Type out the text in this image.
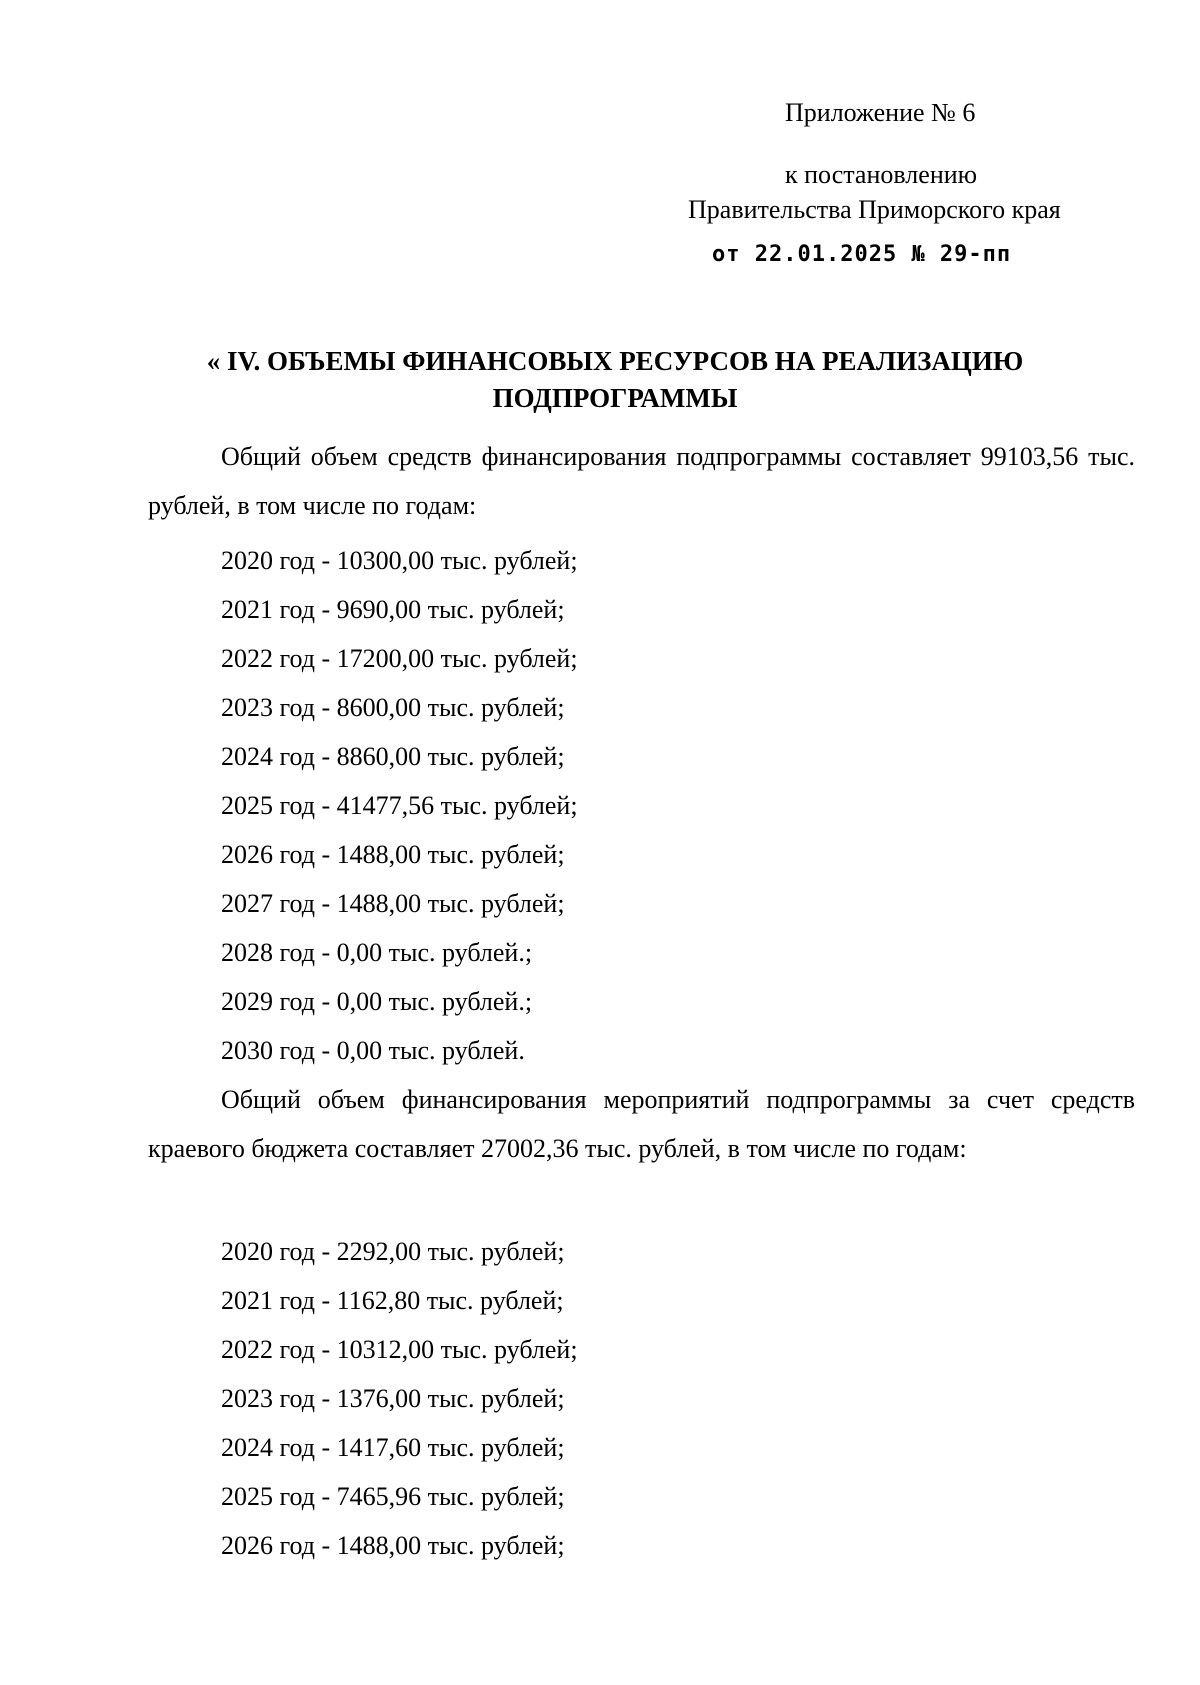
Приложение № 6
к постановлению
Правительства Приморского края
от 22.01.2025 № 29-пп
« IV. ОБЪЕМЫ ФИНАНСОВЫХ РЕСУРСОВ НА РЕАЛИЗАЦИЮ
ПОДПРОГРАММЫ
Общий объем средств финансирования подпрограммы составляет 99103,56 тыс. рублей, в том числе по годам:
2020 год - 10300,00 тыс. рублей;
2021 год - 9690,00 тыс. рублей;
2022 год - 17200,00 тыс. рублей;
2023 год - 8600,00 тыс. рублей;
2024 год - 8860,00 тыс. рублей;
2025 год - 41477,56 тыс. рублей;
2026 год - 1488,00 тыс. рублей;
2027 год - 1488,00 тыс. рублей;
2028 год - 0,00 тыс. рублей.;
2029 год - 0,00 тыс. рублей.;
2030 год - 0,00 тыс. рублей.
Общий объем финансирования мероприятий подпрограммы за счет средств краевого бюджета составляет 27002,36 тыс. рублей, в том числе по годам:
2020 год - 2292,00 тыс. рублей;
2021 год - 1162,80 тыс. рублей;
2022 год - 10312,00 тыс. рублей;
2023 год - 1376,00 тыс. рублей;
2024 год - 1417,60 тыс. рублей;
2025 год - 7465,96 тыс. рублей;
2026 год - 1488,00 тыс. рублей;
